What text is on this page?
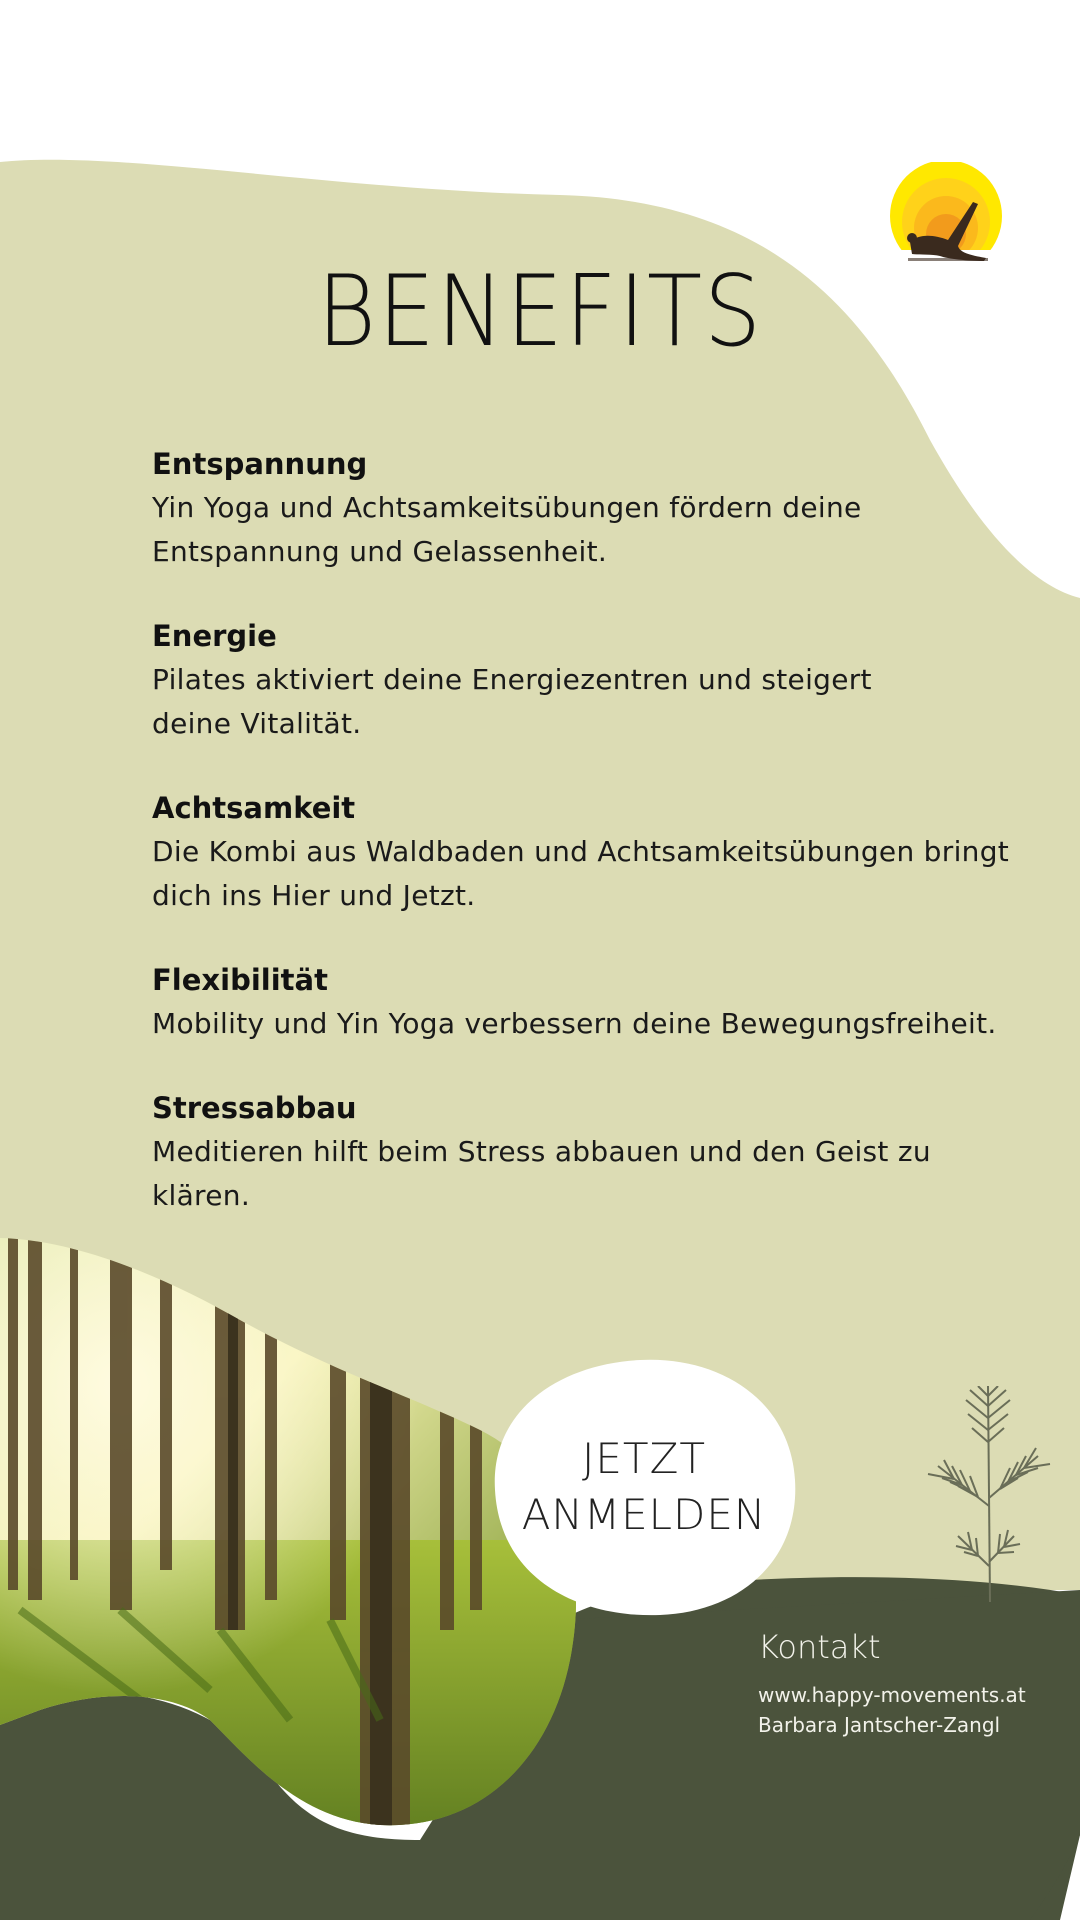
BENEFITS
Entspannung
Yin Yoga und Achtsamkeitsübungen fördern deine
Entspannung und Gelassenheit.
Energie
Pilates aktiviert deine Energiezentren und steigert
deine Vitalität.
Achtsamkeit
Die Kombi aus Waldbaden und Achtsamkeitsübungen bringt
dich ins Hier und Jetzt.
Flexibilität
Mobility und Yin Yoga verbessern deine Bewegungsfreiheit.
Stressabbau
Meditieren hilft beim Stress abbauen und den Geist zu klären.
JETZT
ANMELDEN
Kontakt
www.happy-movements.at
Barbara Jantscher-Zangl
